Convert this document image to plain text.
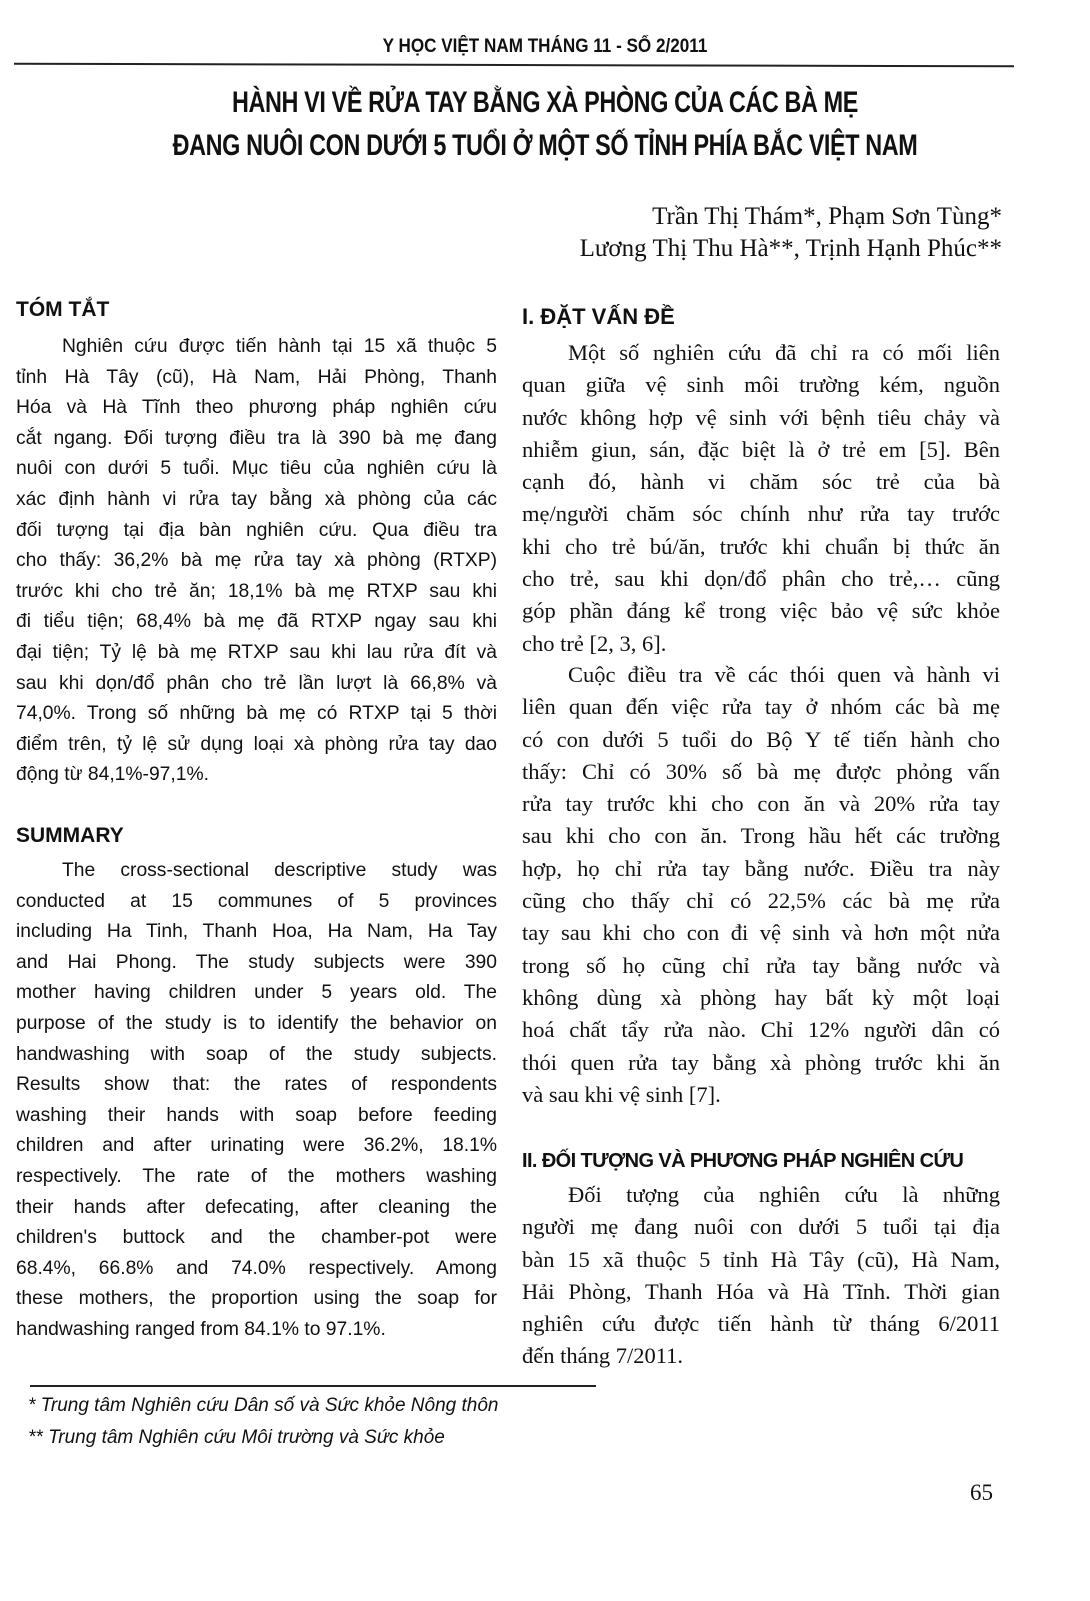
Y HỌC VIỆT NAM THÁNG 11 - SỐ 2/2011
HÀNH VI VỀ RỬA TAY BẰNG XÀ PHÒNG CỦA CÁC BÀ MẸ
ĐANG NUÔI CON DƯỚI 5 TUỔI Ở MỘT SỐ TỈNH PHÍA BẮC VIỆT NAM
Trần Thị Thám*, Phạm Sơn Tùng*
Lương Thị Thu Hà**, Trịnh Hạnh Phúc**
TÓM TẮT
Nghiên cứu được tiến hành tại 15 xã thuộc 5
tỉnh Hà Tây (cũ), Hà Nam, Hải Phòng, Thanh
Hóa và Hà Tĩnh theo phương pháp nghiên cứu
cắt ngang. Đối tượng điều tra là 390 bà mẹ đang
nuôi con dưới 5 tuổi. Mục tiêu của nghiên cứu là
xác định hành vi rửa tay bằng xà phòng của các
đối tượng tại địa bàn nghiên cứu. Qua điều tra
cho thấy: 36,2% bà mẹ rửa tay xà phòng (RTXP)
trước khi cho trẻ ăn; 18,1% bà mẹ RTXP sau khi
đi tiểu tiện; 68,4% bà mẹ đã RTXP ngay sau khi
đại tiện; Tỷ lệ bà mẹ RTXP sau khi lau rửa đít và
sau khi dọn/đổ phân cho trẻ lần lượt là 66,8% và
74,0%. Trong số những bà mẹ có RTXP tại 5 thời
điểm trên, tỷ lệ sử dụng loại xà phòng rửa tay dao
động từ 84,1%-97,1%.
SUMMARY
The cross-sectional descriptive study was
conducted at 15 communes of 5 provinces
including Ha Tinh, Thanh Hoa, Ha Nam, Ha Tay
and Hai Phong. The study subjects were 390
mother having children under 5 years old. The
purpose of the study is to identify the behavior on
handwashing with soap of the study subjects.
Results show that: the rates of respondents
washing their hands with soap before feeding
children and after urinating were 36.2%, 18.1%
respectively. The rate of the mothers washing
their hands after defecating, after cleaning the
children's buttock and the chamber-pot were
68.4%, 66.8% and 74.0% respectively. Among
these mothers, the proportion using the soap for
handwashing ranged from 84.1% to 97.1%.
I. ĐẶT VẤN ĐỀ
Một số nghiên cứu đã chỉ ra có mối liên
quan giữa vệ sinh môi trường kém, nguồn
nước không hợp vệ sinh với bệnh tiêu chảy và
nhiễm giun, sán, đặc biệt là ở trẻ em [5]. Bên
cạnh đó, hành vi chăm sóc trẻ của bà
mẹ/người chăm sóc chính như rửa tay trước
khi cho trẻ bú/ăn, trước khi chuẩn bị thức ăn
cho trẻ, sau khi dọn/đổ phân cho trẻ,… cũng
góp phần đáng kể trong việc bảo vệ sức khỏe
cho trẻ [2, 3, 6].
Cuộc điều tra về các thói quen và hành vi
liên quan đến việc rửa tay ở nhóm các bà mẹ
có con dưới 5 tuổi do Bộ Y tế tiến hành cho
thấy: Chỉ có 30% số bà mẹ được phỏng vấn
rửa tay trước khi cho con ăn và 20% rửa tay
sau khi cho con ăn. Trong hầu hết các trường
hợp, họ chỉ rửa tay bằng nước. Điều tra này
cũng cho thấy chỉ có 22,5% các bà mẹ rửa
tay sau khi cho con đi vệ sinh và hơn một nửa
trong số họ cũng chỉ rửa tay bằng nước và
không dùng xà phòng hay bất kỳ một loại
hoá chất tẩy rửa nào. Chỉ 12% người dân có
thói quen rửa tay bằng xà phòng trước khi ăn
và sau khi vệ sinh [7].
II. ĐỐI TƯỢNG VÀ PHƯƠNG PHÁP NGHIÊN CỨU
Đối tượng của nghiên cứu là những
người mẹ đang nuôi con dưới 5 tuổi tại địa
bàn 15 xã thuộc 5 tỉnh Hà Tây (cũ), Hà Nam,
Hải Phòng, Thanh Hóa và Hà Tĩnh. Thời gian
nghiên cứu được tiến hành từ tháng 6/2011
đến tháng 7/2011.
* Trung tâm Nghiên cứu Dân số và Sức khỏe Nông thôn
** Trung tâm Nghiên cứu Môi trường và Sức khỏe
65
